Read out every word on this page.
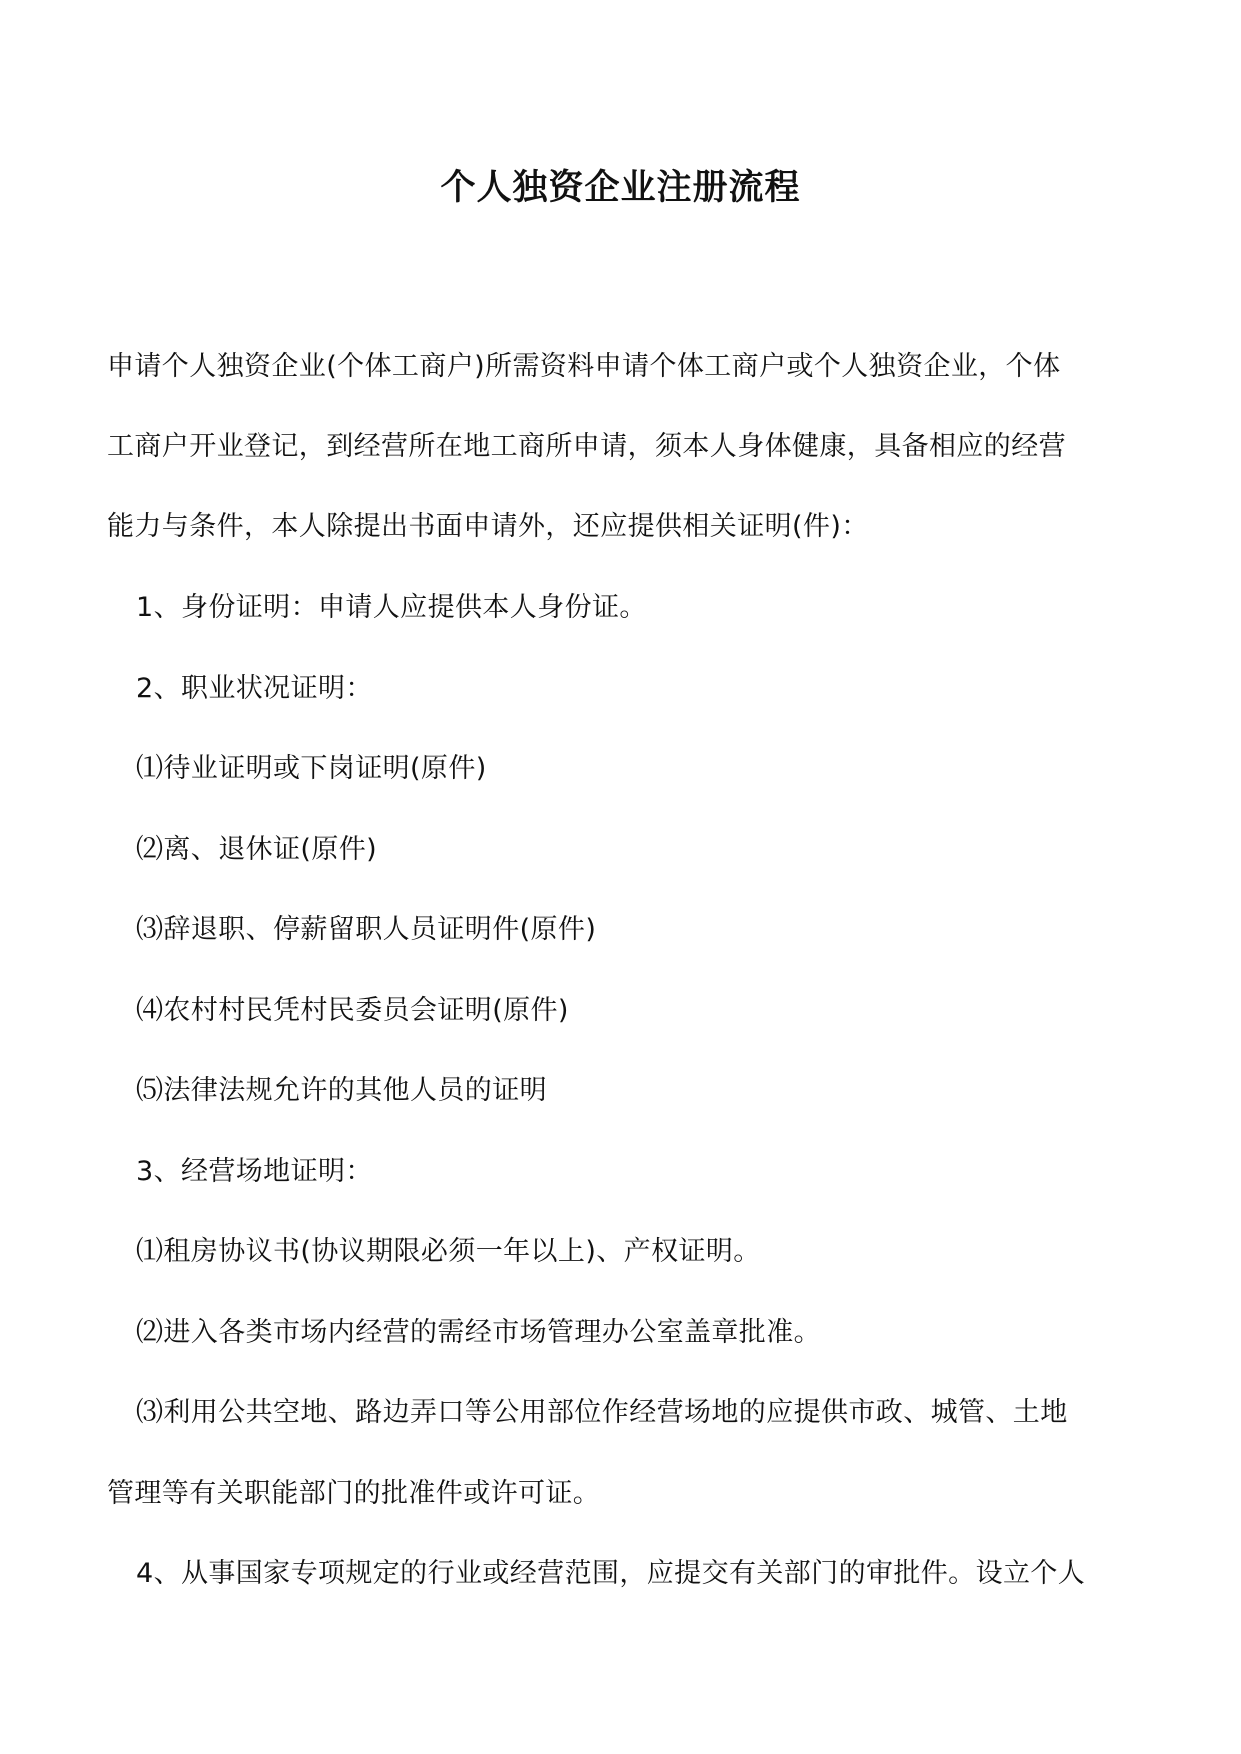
个人独资企业注册流程
申请个人独资企业(个体工商户)所需资料申请个体工商户或个人独资企业，个体
工商户开业登记，到经营所在地工商所申请，须本人身体健康，具备相应的经营
能力与条件，本人除提出书面申请外，还应提供相关证明(件)：
1、身份证明：申请人应提供本人身份证。
2、职业状况证明：
⑴待业证明或下岗证明(原件)
⑵离、退休证(原件)
⑶辞退职、停薪留职人员证明件(原件)
⑷农村村民凭村民委员会证明(原件)
⑸法律法规允许的其他人员的证明
3、经营场地证明：
⑴租房协议书(协议期限必须一年以上)、产权证明。
⑵进入各类市场内经营的需经市场管理办公室盖章批准。
⑶利用公共空地、路边弄口等公用部位作经营场地的应提供市政、城管、土地
管理等有关职能部门的批准件或许可证。
4、从事国家专项规定的行业或经营范围，应提交有关部门的审批件。设立个人
